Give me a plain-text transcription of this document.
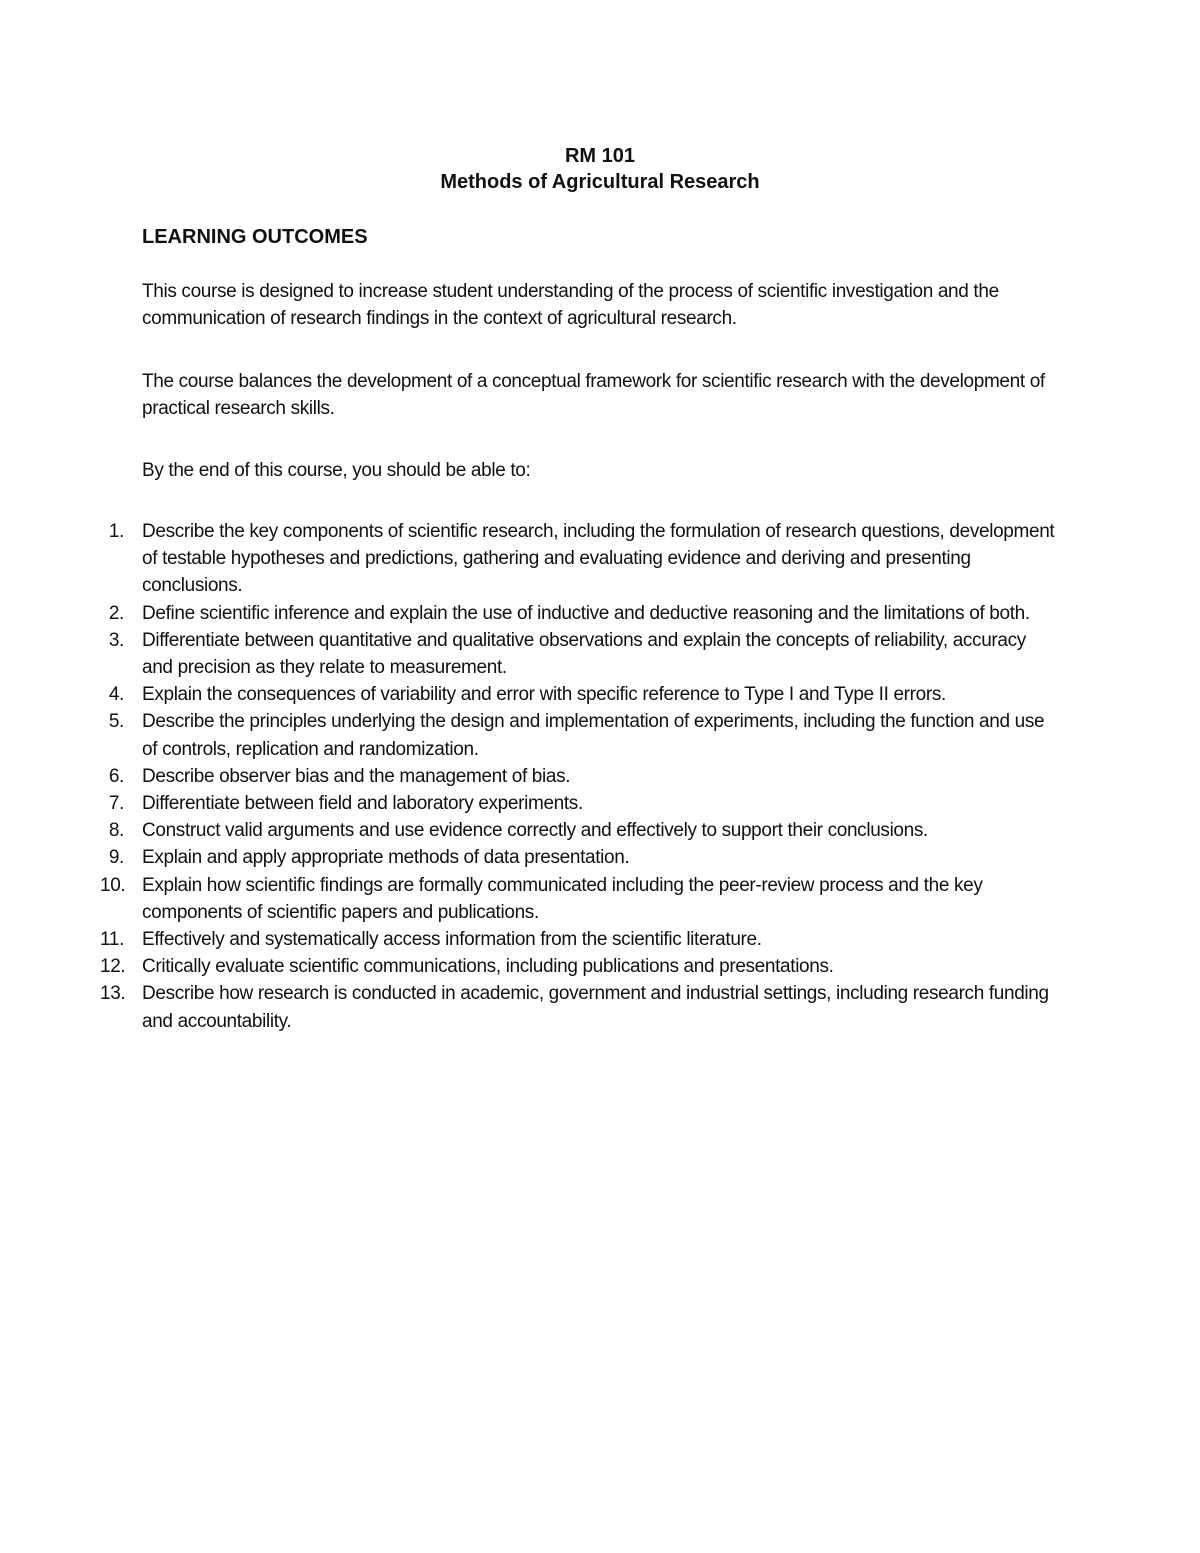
RM 101
Methods of Agricultural Research
LEARNING OUTCOMES

This course is designed to increase student understanding of the process of scientific investigation and the communication of research findings in the context of agricultural research.

The course balances the development of a conceptual framework for scientific research with the development of practical research skills.

By the end of this course, you should be able to:

1. Describe the key components of scientific research, including the formulation of research questions, development of testable hypotheses and predictions, gathering and evaluating evidence and deriving and presenting conclusions.
2. Define scientific inference and explain the use of inductive and deductive reasoning and the limitations of both.
3. Differentiate between quantitative and qualitative observations and explain the concepts of reliability, accuracy and precision as they relate to measurement.
4. Explain the consequences of variability and error with specific reference to Type I and Type II errors.
5. Describe the principles underlying the design and implementation of experiments, including the function and use of controls, replication and randomization.
6. Describe observer bias and the management of bias.
7. Differentiate between field and laboratory experiments.
8. Construct valid arguments and use evidence correctly and effectively to support their conclusions.
9. Explain and apply appropriate methods of data presentation.
10. Explain how scientific findings are formally communicated including the peer-review process and the key components of scientific papers and publications.
11. Effectively and systematically access information from the scientific literature.
12. Critically evaluate scientific communications, including publications and presentations.
13. Describe how research is conducted in academic, government and industrial settings, including research funding and accountability.
